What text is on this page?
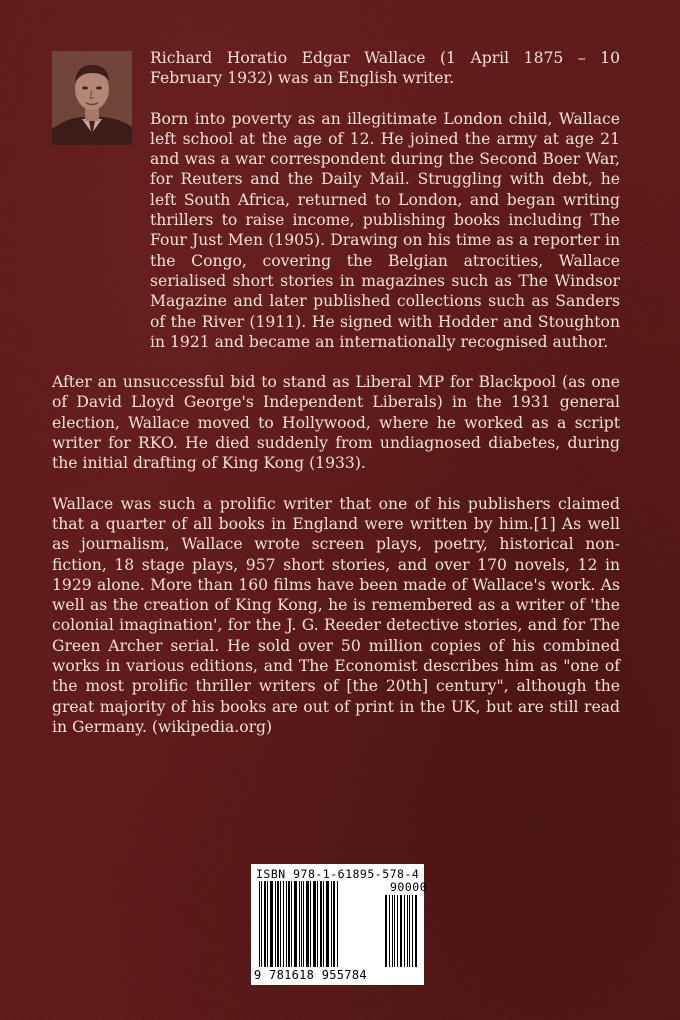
Richard Horatio Edgar Wallace (1 April 1875 – 10 February 1932) was an English writer.

Born into poverty as an illegitimate London child, Wallace left school at the age of 12. He joined the army at age 21 and was a war correspondent during the Second Boer War, for Reuters and the Daily Mail. Struggling with debt, he left South Africa, returned to London, and began writing thrillers to raise income, publishing books including The Four Just Men (1905). Drawing on his time as a reporter in the Congo, covering the Belgian atrocities, Wallace serialised short stories in magazines such as The Windsor Magazine and later published collections such as Sanders of the River (1911). He signed with Hodder and Stoughton in 1921 and became an internationally recognised author.

After an unsuccessful bid to stand as Liberal MP for Blackpool (as one of David Lloyd George's Independent Liberals) in the 1931 general election, Wallace moved to Hollywood, where he worked as a script writer for RKO. He died suddenly from undiagnosed diabetes, during the initial drafting of King Kong (1933).

Wallace was such a prolific writer that one of his publishers claimed that a quarter of all books in England were written by him.[1] As well as journalism, Wallace wrote screen plays, poetry, historical non-fiction, 18 stage plays, 957 short stories, and over 170 novels, 12 in 1929 alone. More than 160 films have been made of Wallace's work. As well as the creation of King Kong, he is remembered as a writer of 'the colonial imagination', for the J. G. Reeder detective stories, and for The Green Archer serial. He sold over 50 million copies of his combined works in various editions, and The Economist describes him as "one of the most prolific thriller writers of [the 20th] century", although the great majority of his books are out of print in the UK, but are still read in Germany. (wikipedia.org)

ISBN 978-1-61895-578-4
90000
9 781618 955784
